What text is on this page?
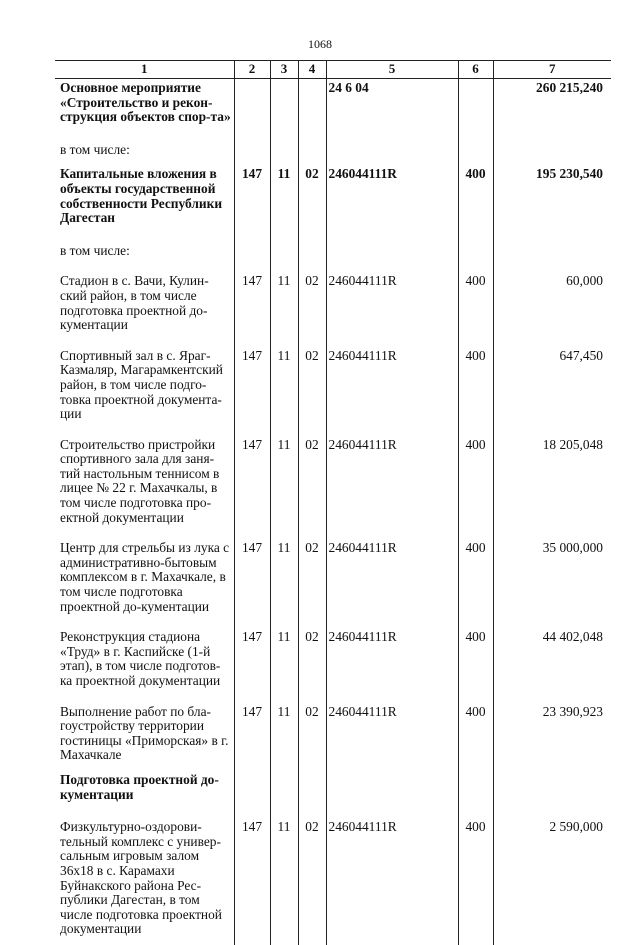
1068
1	2	3	4	5	6	7
Основное мероприятие «Строительство и рекон-струкция объектов спор-та»				24 6 04		260 215,240
в том числе:						
Капитальные вложения в объекты государственной собственности Республики Дагестан	147	11	02	246044111R	400	195 230,540
в том числе:						
Стадион в с. Вачи, Кулин-ский район, в том числе подготовка проектной до-кументации	147	11	02	246044111R	400	60,000
Спортивный зал в с. Яраг-Казмаляр, Магарамкентский район, в том числе подго-товка проектной документа-ции	147	11	02	246044111R	400	647,450
Строительство пристройки спортивного зала для заня-тий настольным теннисом в лицее № 22 г. Махачкалы, в том числе подготовка про-ектной документации	147	11	02	246044111R	400	18 205,048
Центр для стрельбы из лука с административно-бытовым комплексом в г. Махачкале, в том числе подготовка проектной до-кументации	147	11	02	246044111R	400	35 000,000
Реконструкция стадиона «Труд» в г. Каспийске (1-й этап), в том числе подготов-ка проектной документации	147	11	02	246044111R	400	44 402,048
Выполнение работ по бла-гоустройству территории гостиницы «Приморская» в г. Махачкале	147	11	02	246044111R	400	23 390,923
Подготовка проектной до-кументации						
Физкультурно-оздорови-тельный комплекс с универ-сальным игровым залом 36х18 в с. Карамахи Буйнакского района Рес-публики Дагестан, в том числе подготовка проектной документации	147	11	02	246044111R	400	2 590,000
